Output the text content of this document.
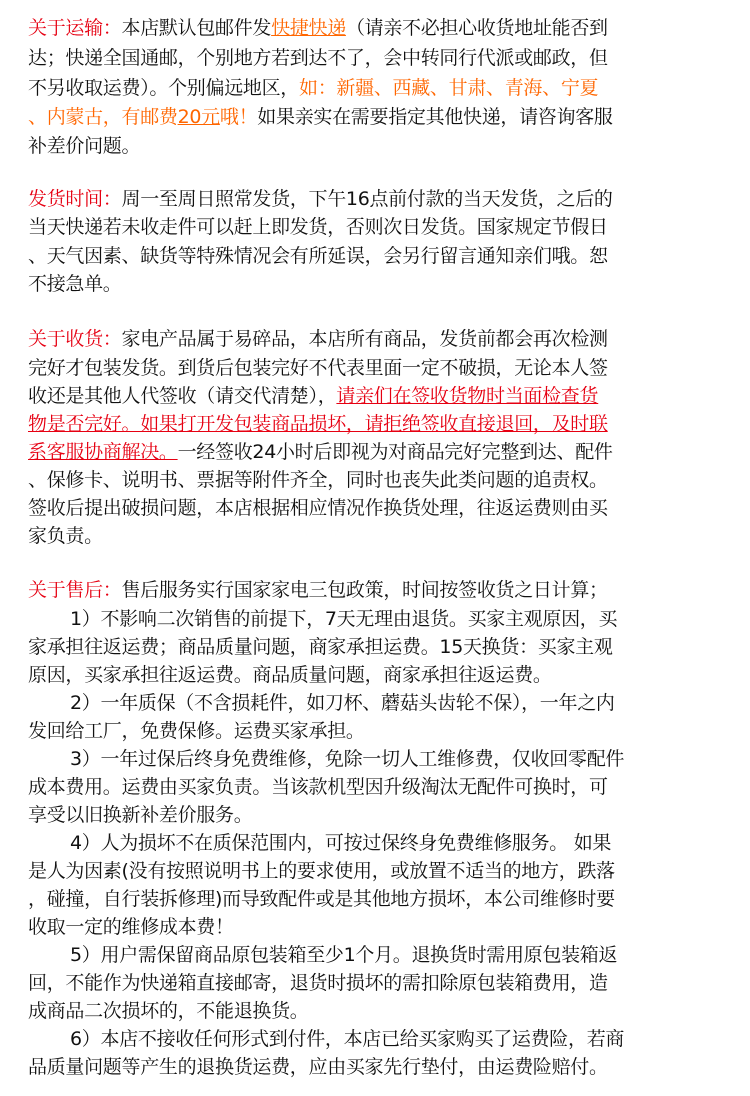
关于运输：本店默认包邮件发快捷快递（请亲不必担心收货地址能否到
达；快递全国通邮，个别地方若到达不了，会中转同行代派或邮政，但
不另收取运费）。个别偏远地区，如：新疆、西藏、甘肃、青海、宁夏
、内蒙古，有邮费20元哦！如果亲实在需要指定其他快递，请咨询客服
补差价问题。
发货时间：周一至周日照常发货，下午16点前付款的当天发货，之后的
当天快递若未收走件可以赶上即发货，否则次日发货。国家规定节假日
、天气因素、缺货等特殊情况会有所延误，会另行留言通知亲们哦。恕
不接急单。
关于收货：家电产品属于易碎品，本店所有商品，发货前都会再次检测
完好才包装发货。到货后包装完好不代表里面一定不破损，无论本人签
收还是其他人代签收（请交代清楚），请亲们在签收货物时当面检查货
物是否完好。如果打开发包装商品损坏，请拒绝签收直接退回，及时联
系客服协商解决。一经签收24小时后即视为对商品完好完整到达、配件
、保修卡、说明书、票据等附件齐全，同时也丧失此类问题的追责权。
签收后提出破损问题，本店根据相应情况作换货处理，往返运费则由买
家负责。
关于售后：售后服务实行国家家电三包政策，时间按签收货之日计算；
1）不影响二次销售的前提下，7天无理由退货。买家主观原因，买
家承担往返运费；商品质量问题，商家承担运费。15天换货：买家主观
原因，买家承担往返运费。商品质量问题，商家承担往返运费。
2）一年质保（不含损耗件，如刀杯、蘑菇头齿轮不保），一年之内
发回给工厂，免费保修。运费买家承担。
3）一年过保后终身免费维修，免除一切人工维修费，仅收回零配件
成本费用。运费由买家负责。当该款机型因升级淘汰无配件可换时，可
享受以旧换新补差价服务。
4）人为损坏不在质保范围内，可按过保终身免费维修服务。 如果
是人为因素(没有按照说明书上的要求使用，或放置不适当的地方，跌落
，碰撞，自行装拆修理)而导致配件或是其他地方损坏，本公司维修时要
收取一定的维修成本费！
5）用户需保留商品原包装箱至少1个月。退换货时需用原包装箱返
回，不能作为快递箱直接邮寄，退货时损坏的需扣除原包装箱费用，造
成商品二次损坏的，不能退换货。
6）本店不接收任何形式到付件，本店已给买家购买了运费险，若商
品质量问题等产生的退换货运费，应由买家先行垫付，由运费险赔付。
